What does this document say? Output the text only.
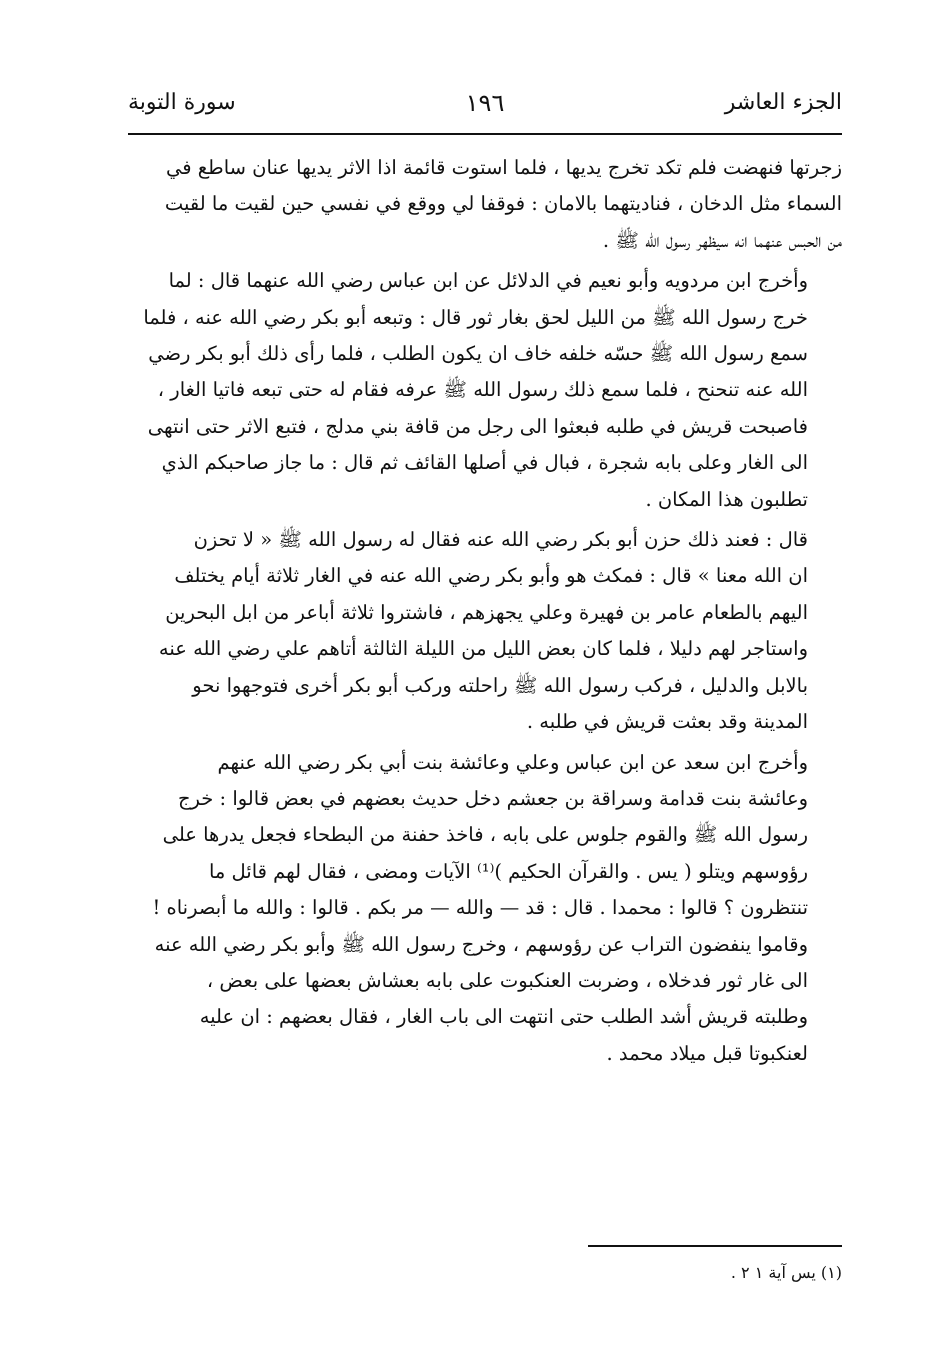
الجزء العاشر
١٩٦
سورة التوبة
زجرتها فنهضت فلم تكد تخرج يديها ، فلما استوت قائمة اذا الاثر يديها عنان ساطع في
السماء مثل الدخان ، فناديتهما بالامان : فوقفا لي ووقع في نفسي حين لقيت ما لقيت
من الحبس عنهما انه سيظهر رسول الله ﷺ .
وأخرج ابن مردويه وأبو نعيم في الدلائل عن ابن عباس رضي الله عنهما قال : لما
خرج رسول الله ﷺ من الليل لحق بغار ثور قال : وتبعه أبو بكر رضي الله عنه ، فلما
سمع رسول الله ﷺ حسّه خلفه خاف ان يكون الطلب ، فلما رأى ذلك أبو بكر رضي
الله عنه تنحنح ، فلما سمع ذلك رسول الله ﷺ عرفه فقام له حتى تبعه فاتيا الغار ،
فاصبحت قريش في طلبه فبعثوا الى رجل من قافة بني مدلج ، فتبع الاثر حتى انتهى
الى الغار وعلى بابه شجرة ، فبال في أصلها القائف ثم قال : ما جاز صاحبكم الذي
تطلبون هذا المكان .
قال : فعند ذلك حزن أبو بكر رضي الله عنه فقال له رسول الله ﷺ « لا تحزن
ان الله معنا » قال : فمكث هو وأبو بكر رضي الله عنه في الغار ثلاثة أيام يختلف
اليهم بالطعام عامر بن فهيرة وعلي يجهزهم ، فاشتروا ثلاثة أباعر من ابل البحرين
واستاجر لهم دليلا ، فلما كان بعض الليل من الليلة الثالثة أتاهم علي رضي الله عنه
بالابل والدليل ، فركب رسول الله ﷺ راحلته وركب أبو بكر أخرى فتوجهوا نحو
المدينة وقد بعثت قريش في طلبه .
وأخرج ابن سعد عن ابن عباس وعلي وعائشة بنت أبي بكر رضي الله عنهم
وعائشة بنت قدامة وسراقة بن جعشم دخل حديث بعضهم في بعض قالوا : خرج
رسول الله ﷺ والقوم جلوس على بابه ، فاخذ حفنة من البطحاء فجعل يدرها على
رؤوسهم ويتلو ( يس . والقرآن الحكيم )⁽¹⁾ الآيات ومضى ، فقال لهم قائل ما
تنتظرون ؟ قالوا : محمدا . قال : قد — والله — مر بكم . قالوا : والله ما أبصرناه !
وقاموا ينفضون التراب عن رؤوسهم ، وخرج رسول الله ﷺ وأبو بكر رضي الله عنه
الى غار ثور فدخلاه ، وضربت العنكبوت على بابه بعشاش بعضها على بعض ،
وطلبته قريش أشد الطلب حتى انتهت الى باب الغار ، فقال بعضهم : ان عليه
لعنكبوتا قبل ميلاد محمد .
(١) يس آية ١ ٢ .
